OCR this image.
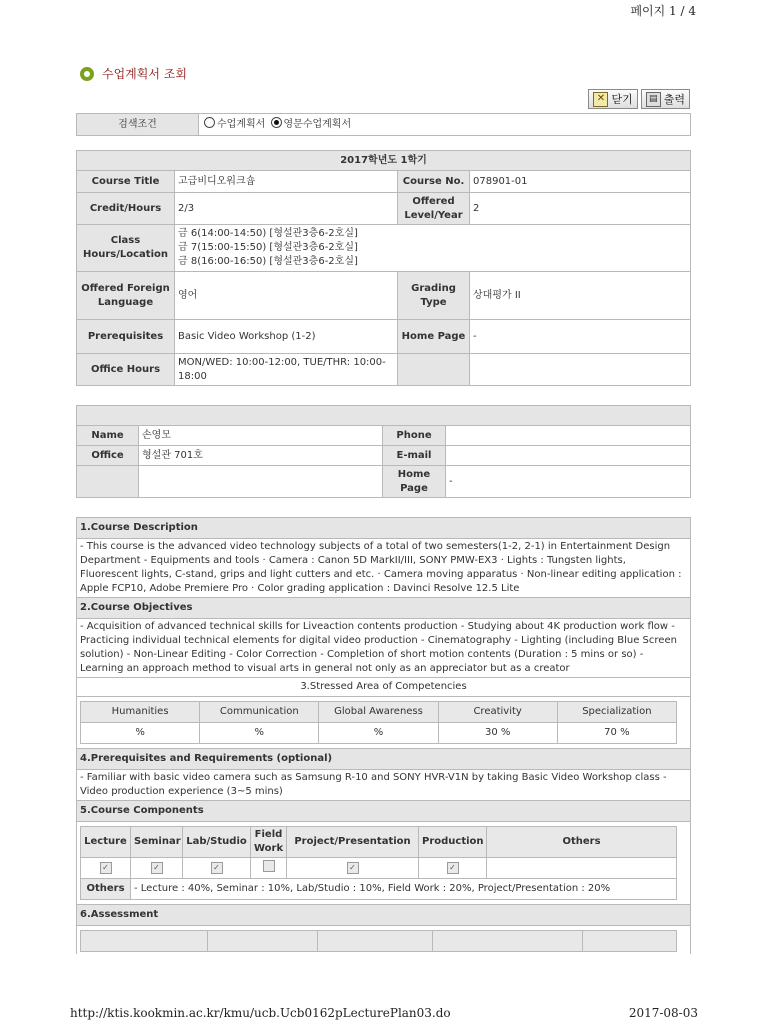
페이지 1 / 4
수업계획서 조회
✕ 닫기	▤ 출력
검색조건	수업계획서 영문수업계획서
2017학년도 1학기			
Course Title	고급비디오워크숍	Course No.	078901-01
Credit/Hours	2/3	Offered Level/Year	2
Class Hours/Location	금 6(14:00-14:50) [형설관3층6-2호실]
금 7(15:00-15:50) [형설관3층6-2호실]
금 8(16:00-16:50) [형설관3층6-2호실]		

Offered Foreign Language	영어	Grading Type	상대평가 II
Prerequisites	Basic Video Workshop (1-2)	Home Page	-
Office Hours	MON/WED: 10:00-12:00, TUE/THR: 10:00-18:00		

Name	손영모	Phone	
Office	형설관 701호	E-mail	
		Home Page	-
1.Course Description
- This course is the advanced video technology subjects of a total of two semesters(1-2, 2-1) in Entertainment Design Department - Equipments and tools · Camera : Canon 5D MarkII/III, SONY PMW-EX3 · Lights : Tungsten lights, Fluorescent lights, C-stand, grips and light cutters and etc. · Camera moving apparatus · Non-linear editing application : Apple FCP10, Adobe Premiere Pro · Color grading application : Davinci Resolve 12.5 Lite
2.Course Objectives
- Acquisition of advanced technical skills for Liveaction contents production - Studying about 4K production work flow - Practicing individual technical elements for digital video production - Cinematography - Lighting (including Blue Screen solution) - Non-Linear Editing - Color Correction - Completion of short motion contents (Duration : 5 mins or so) - Learning an approach method to visual arts in general not only as an appreciator but as a creator
3.Stressed Area of Competencies

Humanities	Communication	Global Awareness	Creativity	Specialization
%	%	%	30 %	70 %

4.Prerequisites and Requirements (optional)
- Familiar with basic video camera such as Samsung R-10 and SONY HVR-V1N by taking Basic Video Workshop class - Video production experience (3~5 mins)
5.Course Components

Lecture	Seminar	Lab/Studio	Field Work	Project/Presentation	Production	Others
✓	✓	✓		✓	✓	
Others	- Lecture : 40%, Seminar : 10%, Lab/Studio : 10%, Field Work : 20%, Project/Presentation : 20%

6.Assessment

http://ktis.kookmin.ac.kr/kmu/ucb.Ucb0162pLecturePlan03.do	2017-08-03
